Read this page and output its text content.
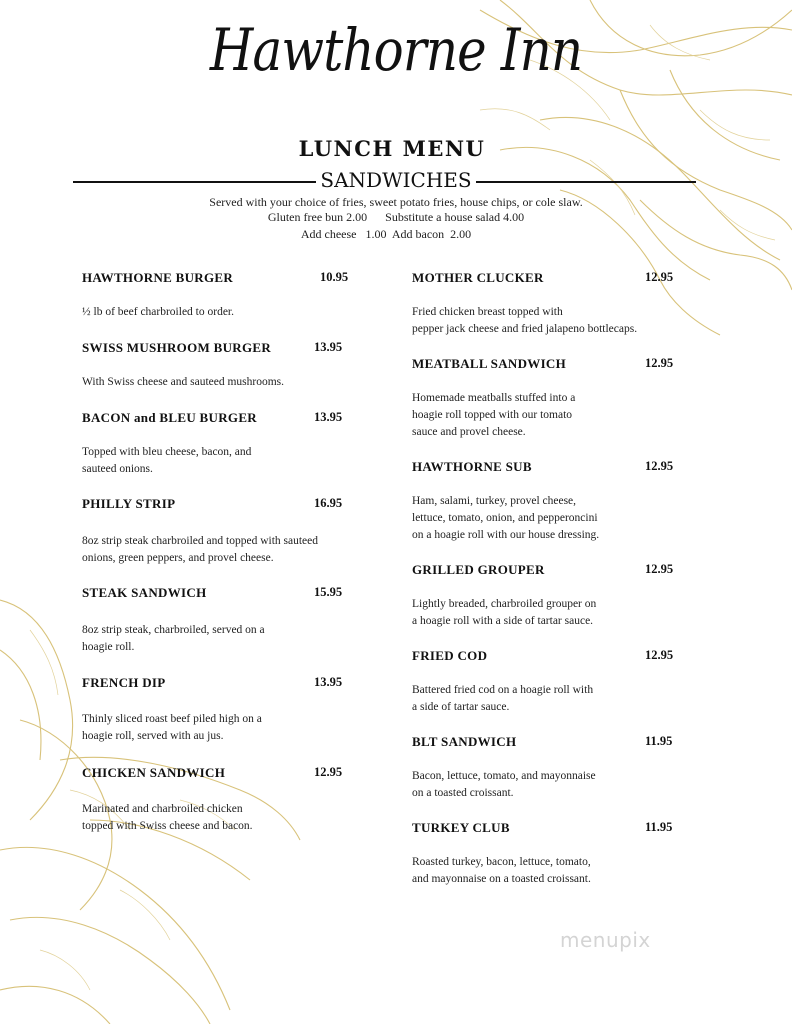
Hawthorne Inn
LUNCH MENU
SANDWICHES
Served with your choice of fries, sweet potato fries, house chips, or cole slaw.
Gluten free bun 2.00      Substitute a house salad 4.00
Add cheese   1.00  Add bacon  2.00
HAWTHORNE BURGER	10.95
½ lb of beef charbroiled to order.
SWISS MUSHROOM BURGER	13.95
With Swiss cheese and sauteed mushrooms.
BACON and BLEU BURGER	13.95
Topped with bleu cheese, bacon, and
sauteed onions.
PHILLY STRIP	16.95
8oz strip steak charbroiled and topped with sauteed
onions, green peppers, and provel cheese.
STEAK SANDWICH	15.95
8oz strip steak, charbroiled, served on a
hoagie roll.
FRENCH DIP	13.95
Thinly sliced roast beef piled high on a
hoagie roll, served with au jus.
CHICKEN SANDWICH	12.95
Marinated and charbroiled chicken
topped with Swiss cheese and bacon.
MOTHER CLUCKER	12.95
Fried chicken breast topped with
pepper jack cheese and fried jalapeno bottlecaps.
MEATBALL SANDWICH	12.95
Homemade meatballs stuffed into a
hoagie roll topped with our tomato
sauce and provel cheese.
HAWTHORNE SUB	12.95
Ham, salami, turkey, provel cheese,
lettuce, tomato, onion, and pepperoncini
on a hoagie roll with our house dressing.
GRILLED GROUPER	12.95
Lightly breaded, charbroiled grouper on
a hoagie roll with a side of tartar sauce.
FRIED COD	12.95
Battered fried cod on a hoagie roll with
a side of tartar sauce.
BLT SANDWICH	11.95
Bacon, lettuce, tomato, and mayonnaise
on a toasted croissant.
TURKEY CLUB	11.95
Roasted turkey, bacon, lettuce, tomato,
and mayonnaise on a toasted croissant.
menupix
